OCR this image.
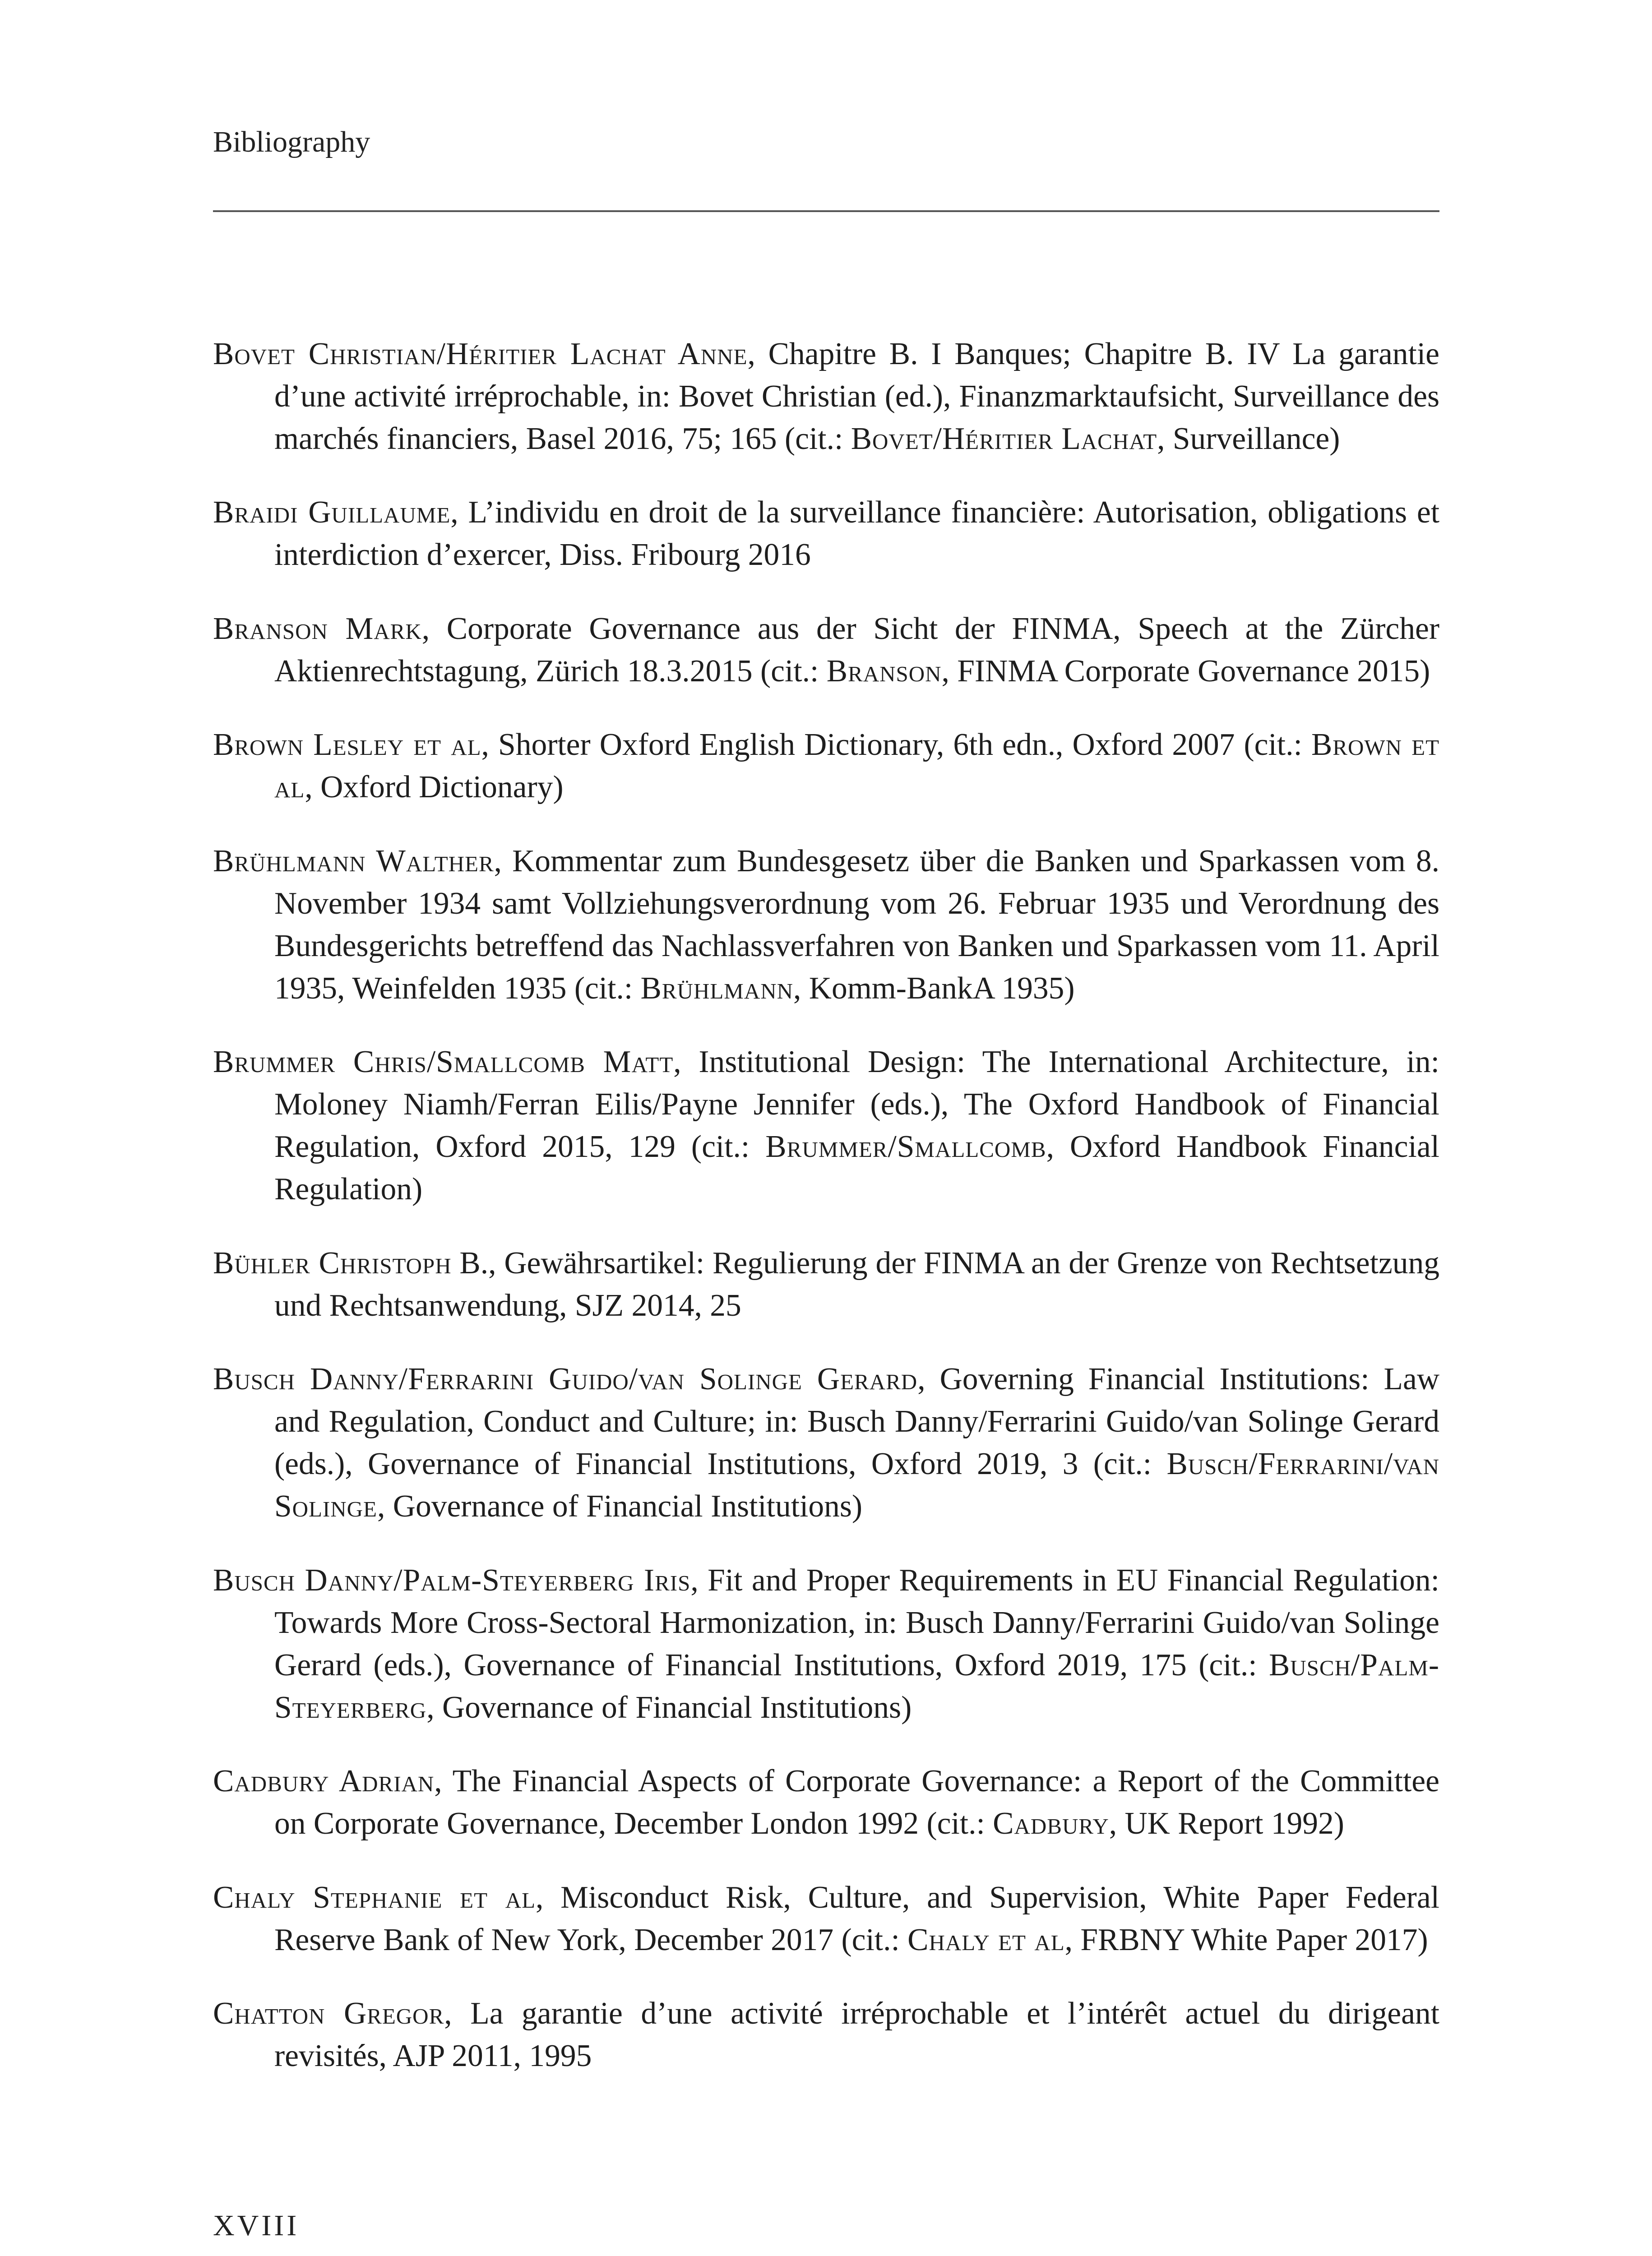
Bibliography

Bovet Christian/Héritier Lachat Anne, Chapitre B. I Banques; Chapitre B. IV La garantie d’une activité irréprochable, in: Bovet Christian (ed.), Finanzmarktaufsicht, Surveillance des marchés financiers, Basel 2016, 75; 165 (cit.: Bovet/Héritier Lachat, Surveillance)

Braidi Guillaume, L’individu en droit de la surveillance financière: Autorisation, obligations et interdiction d’exercer, Diss. Fribourg 2016

Branson Mark, Corporate Governance aus der Sicht der FINMA, Speech at the Zürcher Aktienrechtstagung, Zürich 18.3.2015 (cit.: Branson, FINMA Corporate Governance 2015)

Brown Lesley et al, Shorter Oxford English Dictionary, 6th edn., Oxford 2007 (cit.: Brown et al, Oxford Dictionary)

Brühlmann Walther, Kommentar zum Bundesgesetz über die Banken und Sparkassen vom 8. November 1934 samt Vollziehungsverordnung vom 26. Februar 1935 und Verordnung des Bundesgerichts betreffend das Nachlassverfahren von Banken und Sparkassen vom 11. April 1935, Weinfelden 1935 (cit.: Brühlmann, Komm-BankA 1935)

Brummer Chris/Smallcomb Matt, Institutional Design: The International Architecture, in: Moloney Niamh/Ferran Eilis/Payne Jennifer (eds.), The Oxford Handbook of Financial Regulation, Oxford 2015, 129 (cit.: Brummer/Smallcomb, Oxford Handbook Financial Regulation)

Bühler Christoph B., Gewährsartikel: Regulierung der FINMA an der Grenze von Rechtsetzung und Rechtsanwendung, SJZ 2014, 25

Busch Danny/Ferrarini Guido/van Solinge Gerard, Governing Financial Institutions: Law and Regulation, Conduct and Culture; in: Busch Danny/Ferrarini Guido/van Solinge Gerard (eds.), Governance of Financial Institutions, Oxford 2019, 3 (cit.: Busch/Ferrarini/van Solinge, Governance of Financial Institutions)

Busch Danny/Palm-Steyerberg Iris, Fit and Proper Requirements in EU Financial Regulation: Towards More Cross-Sectoral Harmonization, in: Busch Danny/Ferrarini Guido/van Solinge Gerard (eds.), Governance of Financial Institutions, Oxford 2019, 175 (cit.: Busch/Palm-Steyerberg, Governance of Financial Institutions)

Cadbury Adrian, The Financial Aspects of Corporate Governance: a Report of the Committee on Corporate Governance, December London 1992 (cit.: Cadbury, UK Report 1992)

Chaly Stephanie et al, Misconduct Risk, Culture, and Supervision, White Paper Federal Reserve Bank of New York, December 2017 (cit.: Chaly et al, FRBNY White Paper 2017)

Chatton Gregor, La garantie d’une activité irréprochable et l’intérêt actuel du dirigeant revisités, AJP 2011, 1995

XVIII
